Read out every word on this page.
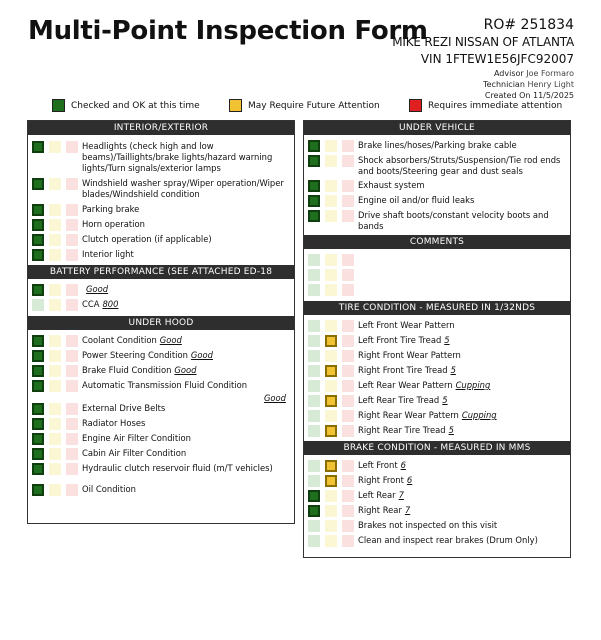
Multi-Point Inspection Form	RO# 251834
MIKE REZI NISSAN OF ATLANTA
VIN 1FTEW1E56JFC92007
Advisor Joe Formaro
Technician Henry Light
Created On 11/5/2025
Checked and OK at this time	May Require Future Attention	Requires immediate attention
INTERIOR/EXTERIOR
Headlights (check high and low beams)/Taillights/brake lights/hazard warning lights/Turn signals/exterior lamps
Windshield washer spray/Wiper operation/Wiper blades/Windshield condition
Parking brake
Horn operation
Clutch operation (if applicable)
Interior light
BATTERY PERFORMANCE (SEE ATTACHED ED-18 PRINTOUT)
Good
CCA 800
UNDER HOOD
Coolant Condition Good
Power Steering Condition Good
Brake Fluid Condition Good
Automatic Transmission Fluid Condition
Good
External Drive Belts
Radiator Hoses
Engine Air Filter Condition
Cabin Air Filter Condition
Hydraulic clutch reservoir fluid (m/T vehicles)
Oil Condition
UNDER VEHICLE
Brake lines/hoses/Parking brake cable
Shock absorbers/Struts/Suspension/Tie rod ends and boots/Steering gear and dust seals
Exhaust system
Engine oil and/or fluid leaks
Drive shaft boots/constant velocity boots and bands
COMMENTS
TIRE CONDITION - MEASURED IN 1/32NDS
Left Front Wear Pattern
Left Front Tire Tread 5
Right Front Wear Pattern
Right Front Tire Tread 5
Left Rear Wear Pattern Cupping
Left Rear Tire Tread 5
Right Rear Wear Pattern Cupping
Right Rear Tire Tread 5
BRAKE CONDITION - MEASURED IN MMS
Left Front 6
Right Front 6
Left Rear 7
Right Rear 7
Brakes not inspected on this visit
Clean and inspect rear brakes (Drum Only)
